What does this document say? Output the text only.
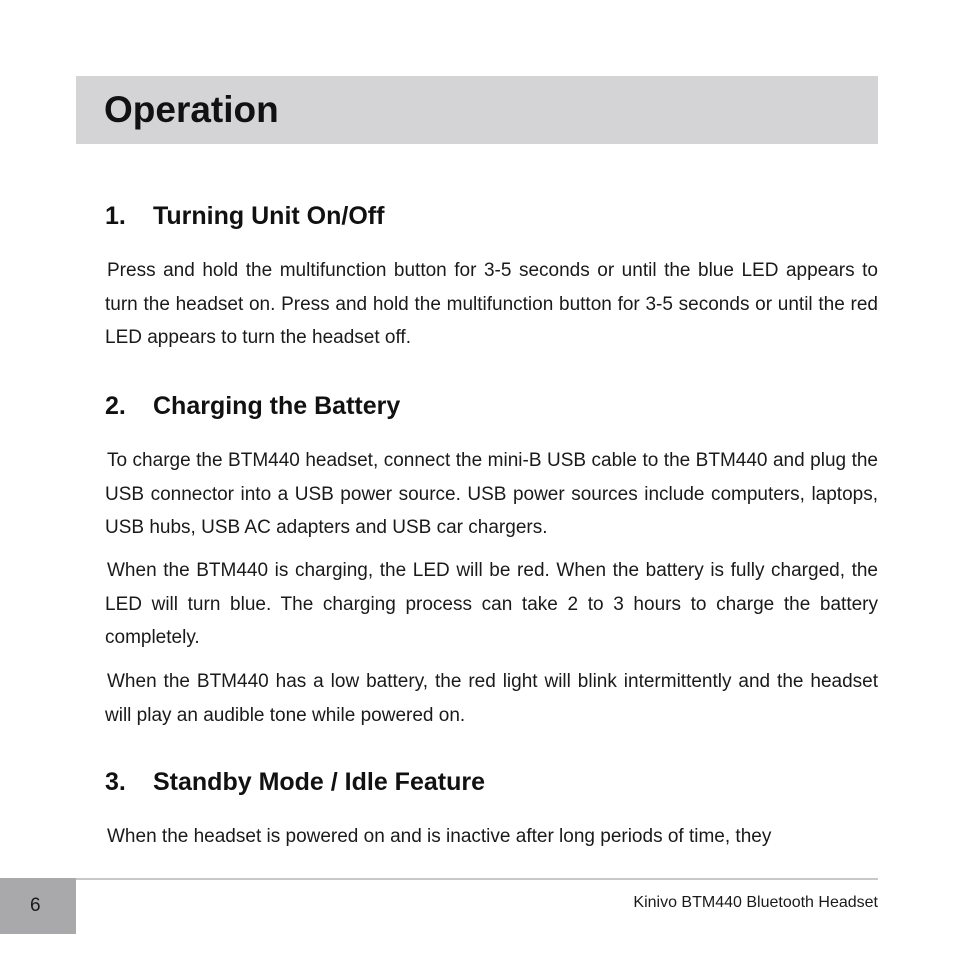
Operation
1. Turning Unit On/Off

Press and hold the multifunction button for 3-5 seconds or until the blue LED appears to turn the headset on. Press and hold the multifunction button for 3-5 seconds or until the red LED appears to turn the headset off.

2. Charging the Battery

To charge the BTM440 headset, connect the mini-B USB cable to the BTM440 and plug the USB connector into a USB power source. USB power sources include computers, laptops, USB hubs, USB AC adapters and USB car chargers.

When the BTM440 is charging, the LED will be red. When the battery is fully charged, the LED will turn blue. The charging process can take 2 to 3 hours to charge the battery completely.

When the BTM440 has a low battery, the red light will blink intermittently and the headset will play an audible tone while powered on.

3. Standby Mode / Idle Feature

When the headset is powered on and is inactive after long periods of time, they

6	Kinivo BTM440 Bluetooth Headset
